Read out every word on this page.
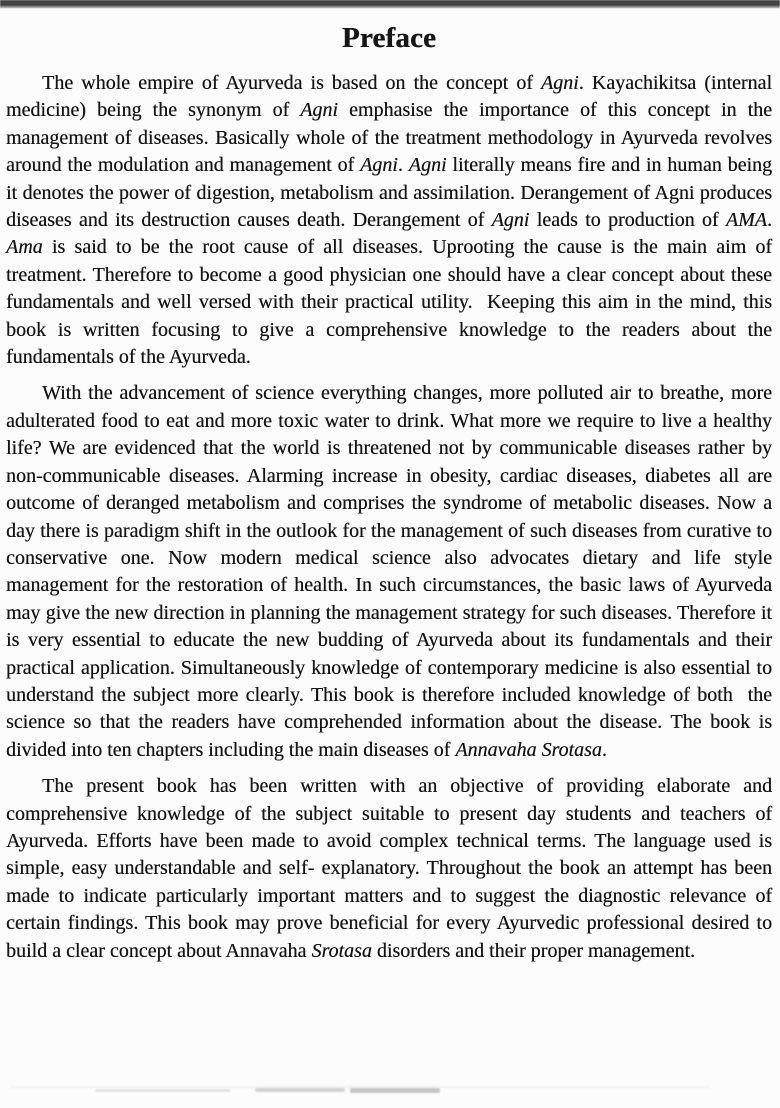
Preface

The whole empire of Ayurveda is based on the concept of Agni. Kayachikitsa (internal medicine) being the synonym of Agni emphasise the importance of this concept in the management of diseases. Basically whole of the treatment methodology in Ayurveda revolves around the modulation and management of Agni. Agni literally means fire and in human being it denotes the power of digestion, metabolism and assimilation. Derangement of Agni produces diseases and its destruction causes death. Derangement of Agni leads to production of AMA. Ama is said to be the root cause of all diseases. Uprooting the cause is the main aim of treatment. Therefore to become a good physician one should have a clear concept about these fundamentals and well versed with their practical utility.  Keeping this aim in the mind, this book is written focusing to give a comprehensive knowledge to the readers about the fundamentals of the Ayurveda.

With the advancement of science everything changes, more polluted air to breathe, more adulterated food to eat and more toxic water to drink. What more we require to live a healthy life? We are evidenced that the world is threatened not by communicable diseases rather by non-communicable diseases. Alarming increase in obesity, cardiac diseases, diabetes all are outcome of deranged metabolism and comprises the syndrome of metabolic diseases. Now a day there is paradigm shift in the outlook for the management of such diseases from curative to conservative one. Now modern medical science also advocates dietary and life style management for the restoration of health. In such circumstances, the basic laws of Ayurveda may give the new direction in planning the management strategy for such diseases. Therefore it is very essential to educate the new budding of Ayurveda about its fundamentals and their practical application. Simultaneously knowledge of contemporary medicine is also essential to understand the subject more clearly. This book is therefore included knowledge of both  the science so that the readers have comprehended information about the disease. The book is divided into ten chapters including the main diseases of Annavaha Srotasa.

The present book has been written with an objective of providing elaborate and comprehensive knowledge of the subject suitable to present day students and teachers of Ayurveda. Efforts have been made to avoid complex technical terms. The language used is simple, easy understandable and self- explanatory. Throughout the book an attempt has been made to indicate particularly important matters and to suggest the diagnostic relevance of certain findings. This book may prove beneficial for every Ayurvedic professional desired to build a clear concept about Annavaha Srotasa disorders and their proper management.
